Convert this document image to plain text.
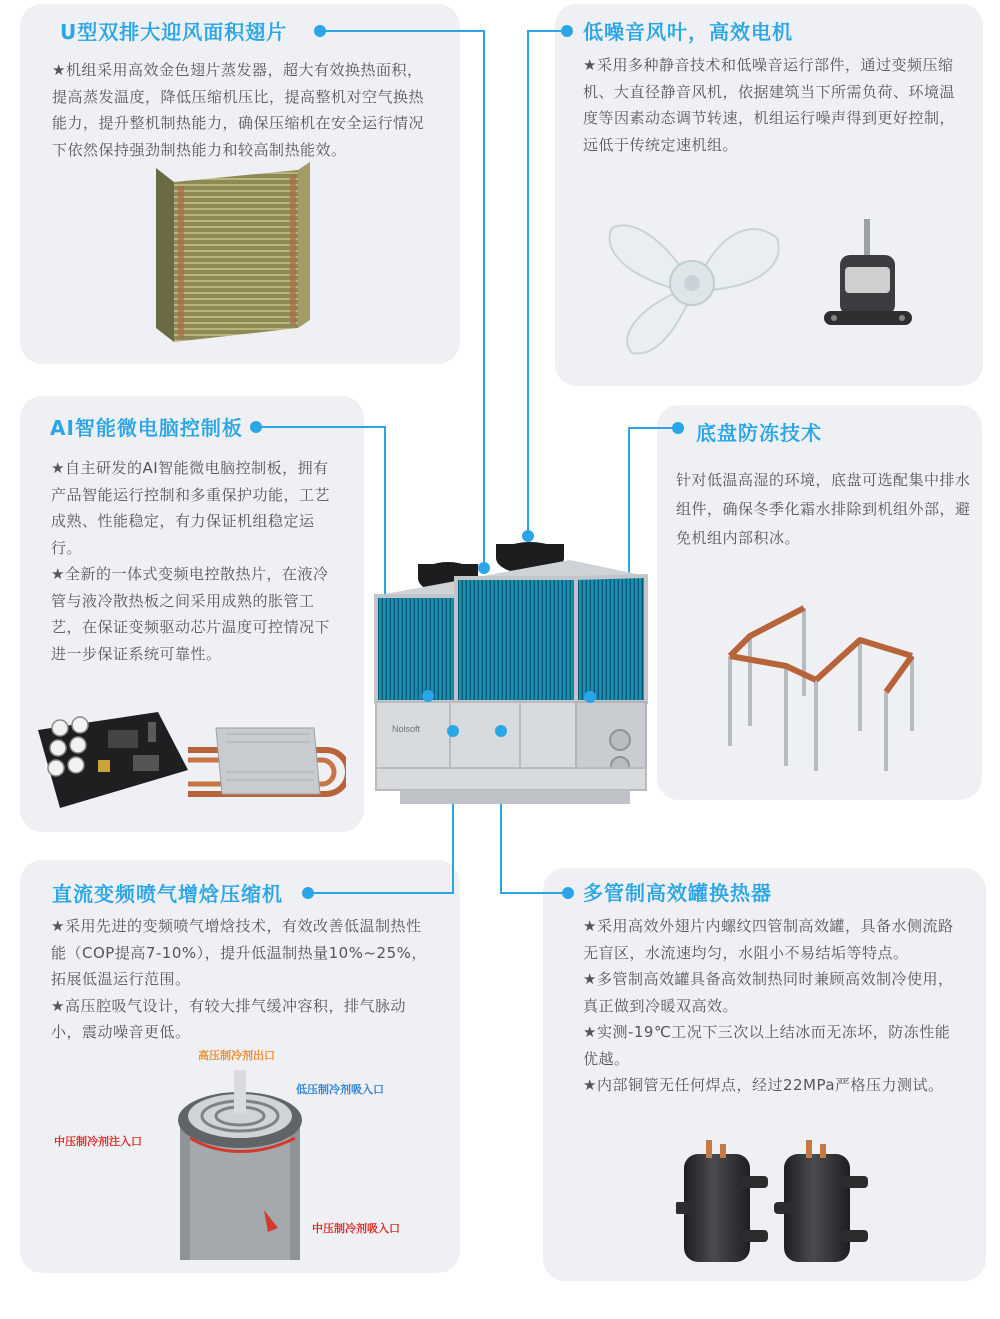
U型双排大迎风面积翅片	低噪音风叶，高效电机
AI智能微电脑控制板	底盘防冻技术
直流变频喷气增焓压缩机	多管制高效罐换热器

★机组采用高效金色翅片蒸发器，超大有效换热面积，提高蒸发温度，降低压缩机压比，提高整机对空气换热能力，提升整机制热能力，确保压缩机在安全运行情况下依然保持强劲制热能力和较高制热能效。

★采用多种静音技术和低噪音运行部件，通过变频压缩机、大直径静音风机，依据建筑当下所需负荷、环境温度等因素动态调节转速，机组运行噪声得到更好控制，远低于传统定速机组。

★自主研发的AI智能微电脑控制板，拥有产品智能运行控制和多重保护功能，工艺成熟、性能稳定，有力保证机组稳定运行。

★全新的一体式变频电控散热片，在液冷管与液冷散热板之间采用成熟的胀管工艺，在保证变频驱动芯片温度可控情况下进一步保证系统可靠性。

针对低温高湿的环境，底盘可选配集中排水组件，确保冬季化霜水排除到机组外部，避免机组内部积冰。

★采用先进的变频喷气增焓技术，有效改善低温制热性能（COP提高7-10%），提升低温制热量10%~25%，拓展低温运行范围。

★高压腔吸气设计，有较大排气缓冲容积，排气脉动小，震动噪音更低。

★采用高效外翅片内螺纹四管制高效罐，具备水侧流路无盲区，水流速均匀，水阻小不易结垢等特点。

★多管制高效罐具备高效制热同时兼顾高效制冷使用，真正做到冷暖双高效。

★实测-19℃工况下三次以上结冰而无冻坏，防冻性能优越。

★内部铜管无任何焊点，经过22MPa严格压力测试。

Nolsoft
高压制冷剂出口
低压制冷剂吸入口
中压制冷剂注入口
中压制冷剂吸入口
